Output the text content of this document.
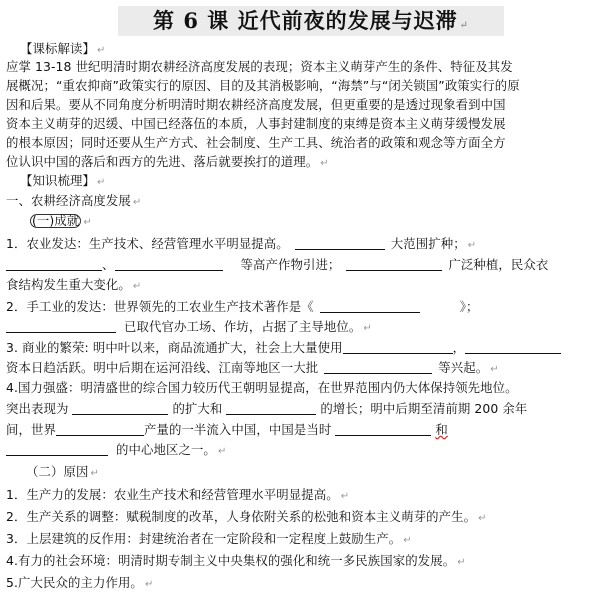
第 6 课 近代前夜的发展与迟滞 ↵
【课标解读】 ↵
应掌 13-18 世纪明清时期农耕经济高度发展的表现；资本主义萌芽产生的条件、特征及其发
展概况；“重农抑商”政策实行的原因、目的及其消极影响，“海禁”与“闭关锁国”政策实行的原
因和后果。要从不同角度分析明清时期农耕经济高度发展，但更重要的是透过现象看到中国
资本主义萌芽的迟缓、中国已经落伍的本质，人事封建制度的束缚是资本主义萌芽缓慢发展
的根本原因；同时还要从生产方式、社会制度、生产工具、统治者的政策和观念等方面全方
位认识中国的落后和西方的先进、落后就要挨打的道理。 ↵
【知识梳理】 ↵
一、农耕经济高度发展 ↵
(一)成就 ↵
1．农业发达：生产技术、经营管理水平明显提高。	大范围扩种； ↵
、	等高产作物引进；	广泛种植，民众衣
食结构发生重大变化。 ↵
2．手工业的发达：世界领先的工农业生产技术著作是《	》；
已取代官办工场、作坊，占据了主导地位。 ↵
3. 商业的繁荣: 明中叶以来，商品流通扩大，社会上大量使用	，
资本日趋活跃。明中后期在运河沿线、江南等地区一大批	等兴起。 ↵
4.国力强盛：明清盛世的综合国力较历代王朝明显提高，在世界范围内仍大体保持领先地位。
突出表现为	的扩大和	的增长；明中后期至清前期 200 余年
间，世界	产量的一半流入中国，中国是当时	和
的中心地区之一。 ↵
（二）原因 ↵
1．生产力的发展：农业生产技术和经营管理水平明显提高。 ↵
2．生产关系的调整：赋税制度的改革，人身依附关系的松弛和资本主义萌芽的产生。 ↵
3．上层建筑的反作用：封建统治者在一定阶段和一定程度上鼓励生产。 ↵
4.有力的社会环境：明清时期专制主义中央集权的强化和统一多民族国家的发展。 ↵
5.广大民众的主力作用。 ↵
